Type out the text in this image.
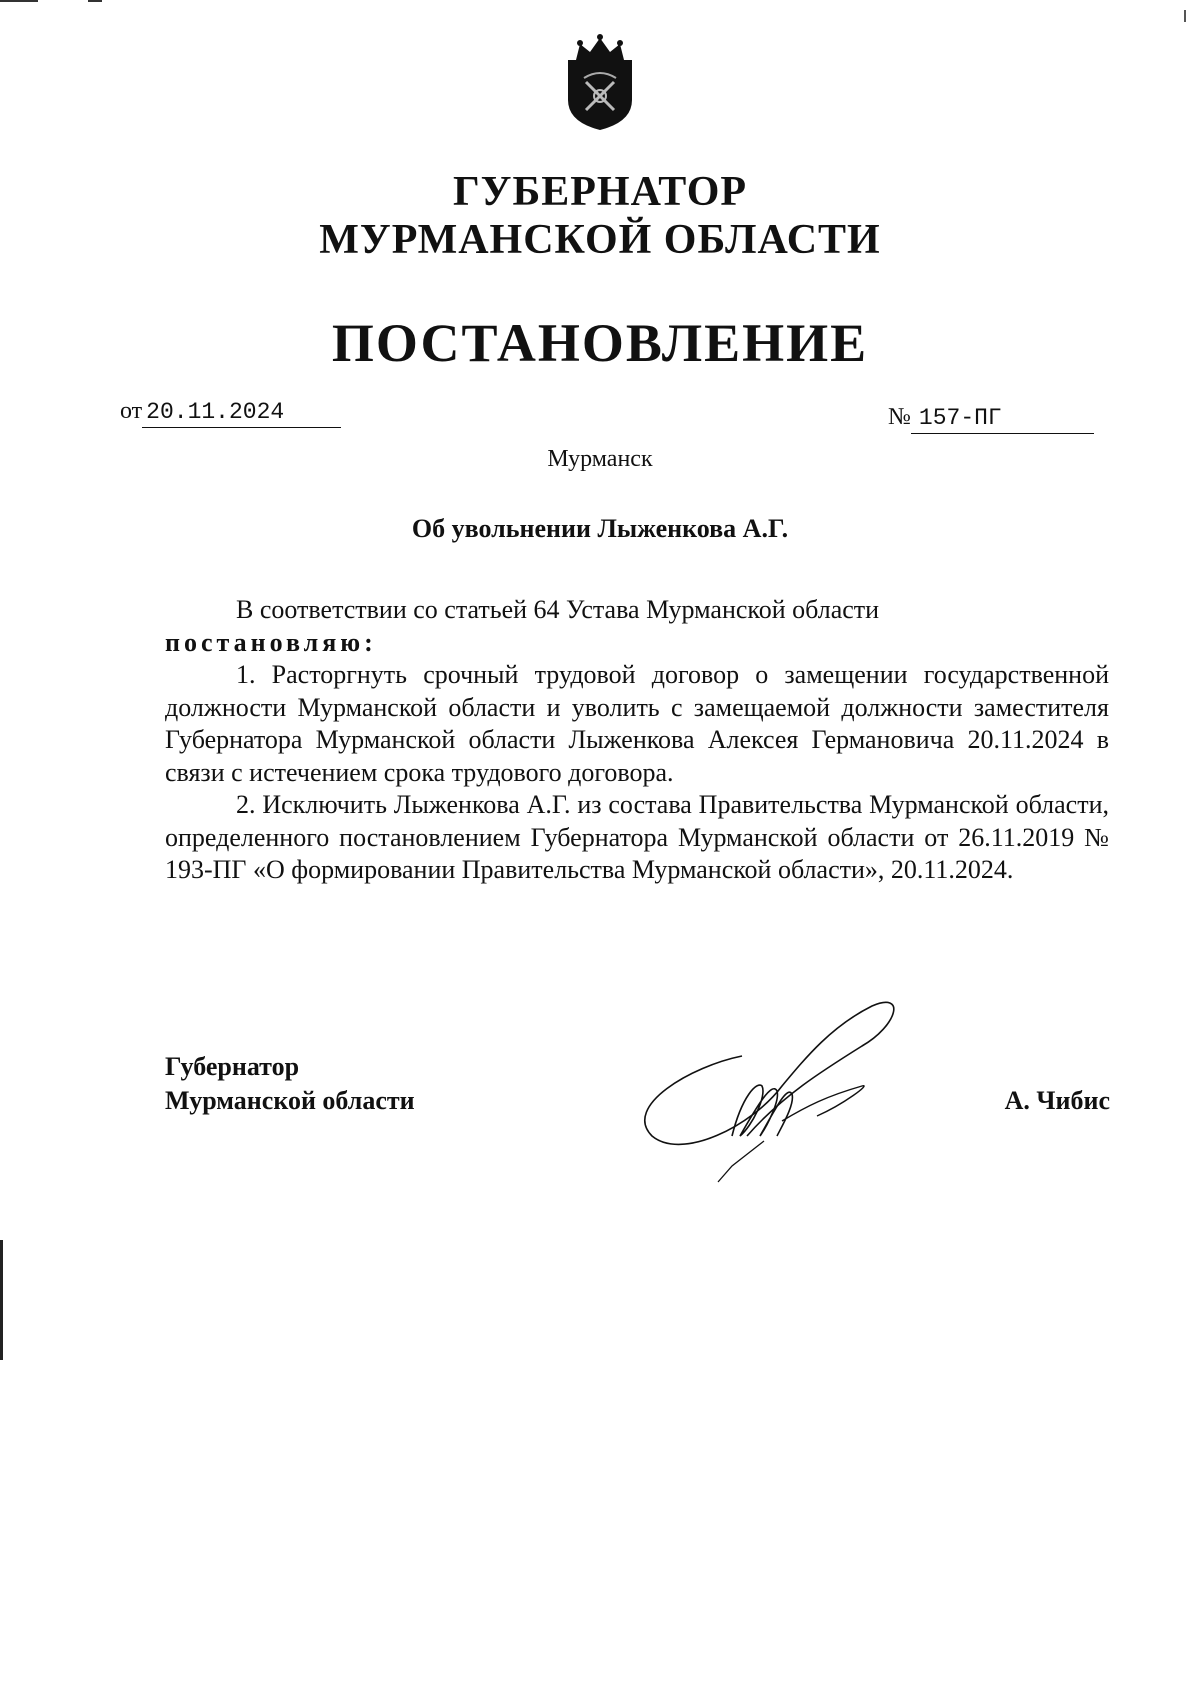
ГУБЕРНАТОР
МУРМАНСКОЙ ОБЛАСТИ
ПОСТАНОВЛЕНИЕ
от 20.11.2024	№ 157-ПГ
Мурманск
Об увольнении Лыженкова А.Г.

В соответствии со статьей 64 Устава Мурманской области

постановляю:

1. Расторгнуть срочный трудовой договор о замещении государственной должности Мурманской области и уволить с замещаемой должности заместителя Губернатора Мурманской области Лыженкова Алексея Германовича 20.11.2024 в связи с истечением срока трудового договора.

2. Исключить Лыженкова А.Г. из состава Правительства Мурманской области, определенного постановлением Губернатора Мурманской области от 26.11.2019 № 193-ПГ «О формировании Правительства Мурманской области», 20.11.2024.

Губернатор
Мурманской области	А. Чибис
